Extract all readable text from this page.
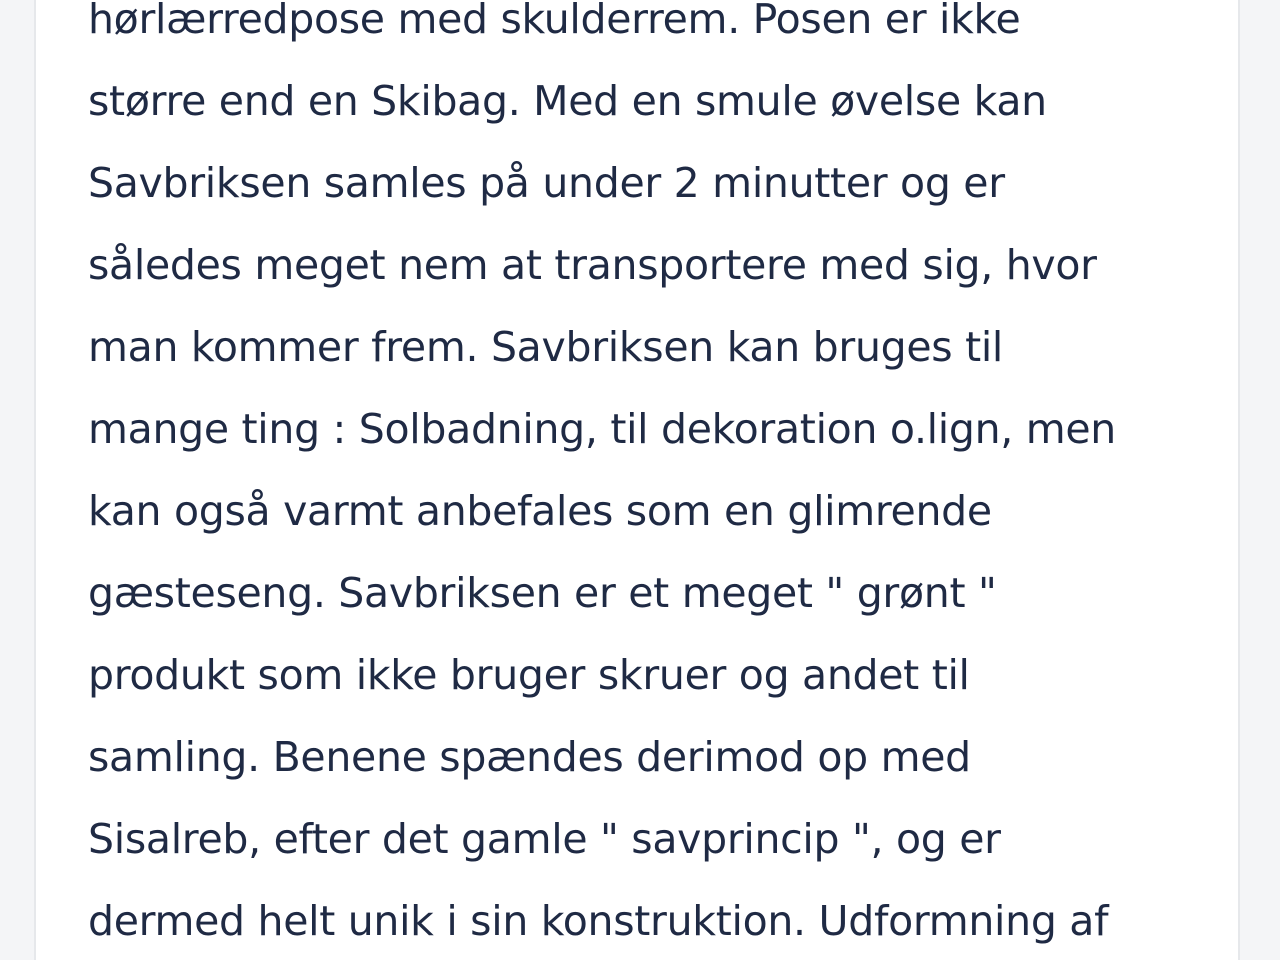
hørlærredpose med skulderrem. Posen er ikke
større end en Skibag. Med en smule øvelse kan
Savbriksen samles på under 2 minutter og er
således meget nem at transportere med sig, hvor
man kommer frem. Savbriksen kan bruges til
mange ting : Solbadning, til dekoration o.lign, men
kan også varmt anbefales som en glimrende
gæsteseng. Savbriksen er et meget " grønt "
produkt som ikke bruger skruer og andet til
samling. Benene spændes derimod op med
Sisalreb, efter det gamle " savprincip ", og er
dermed helt unik i sin konstruktion. Udformning af
